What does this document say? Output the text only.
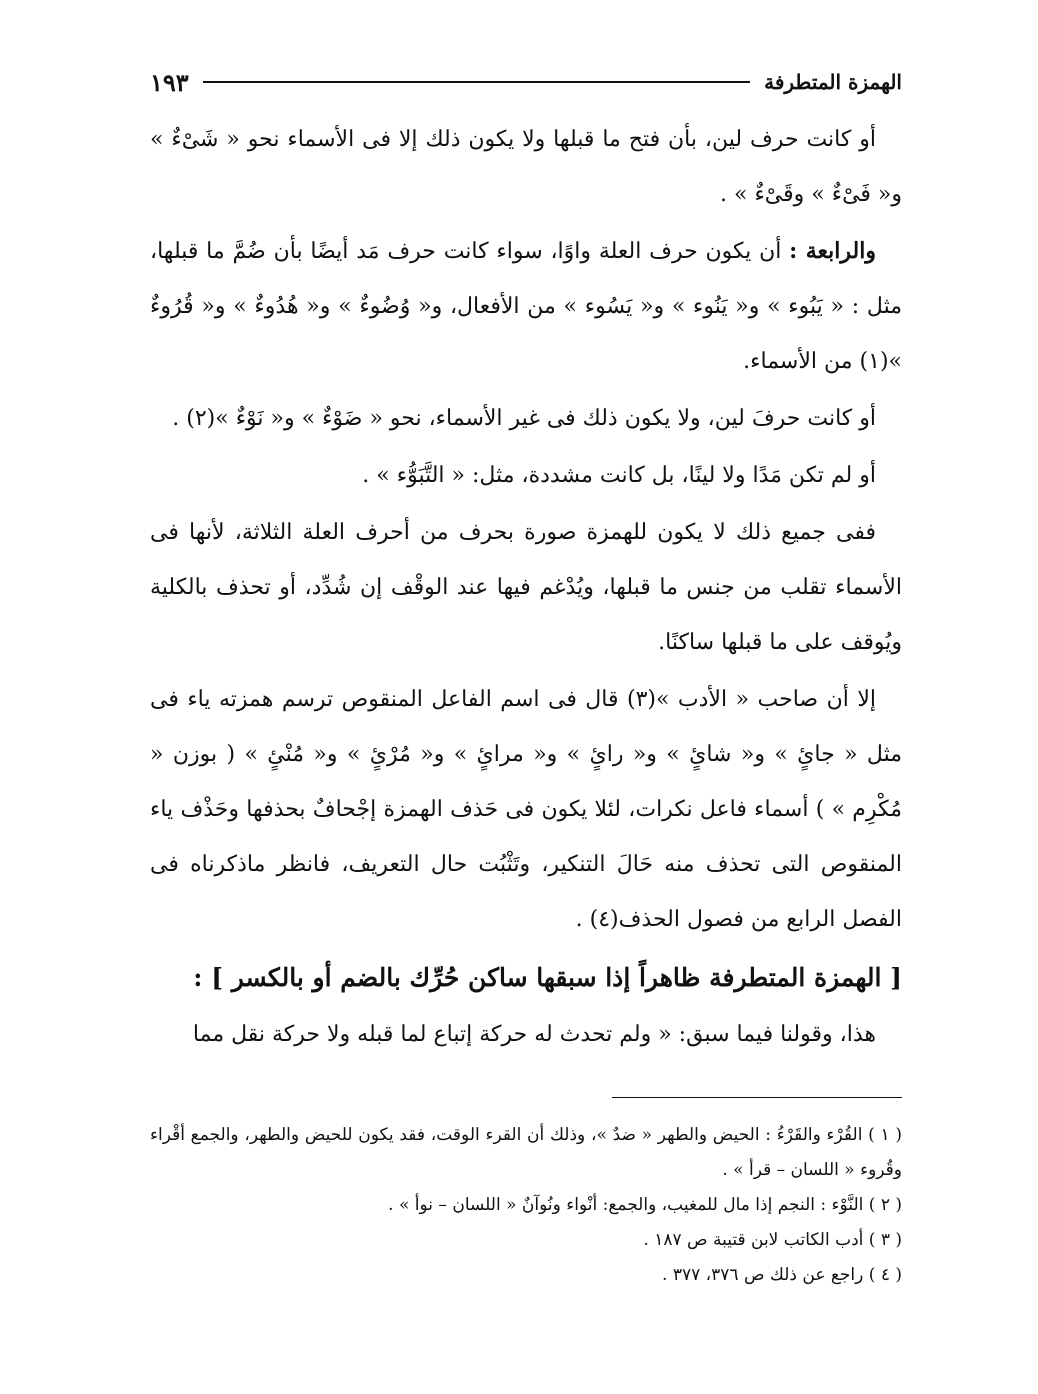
الهمزة المتطرفة
١٩٣

أو كانت حرف لين، بأن فتح ما قبلها ولا يكون ذلك إلا فى الأسماء نحو « شَىْءٌ » و« فَىْءٌ » وقَىْءٌ » .

والرابعة : أن يكون حرف العلة واوًا، سواء كانت حرف مَد أيضًا بأن ضُمَّ ما قبلها، مثل : « يَبُوء » و« يَنُوء » و« يَسُوء » من الأفعال، و« وُضُوءٌ » و« هُدُوءٌ » و« قُرُوءٌ »(١) من الأسماء.

أو كانت حرفَ لين، ولا يكون ذلك فى غير الأسماء، نحو « ضَوْءٌ » و« نَوْءٌ »(٢) .

أو لم تكن مَدًا ولا لينًا، بل كانت مشددة، مثل: « التَّبَوُّء » .

ففى جميع ذلك لا يكون للهمزة صورة بحرف من أحرف العلة الثلاثة، لأنها فى الأسماء تقلب من جنس ما قبلها، ويُدْغم فيها عند الوقْف إن شُدِّد، أو تحذف بالكلية ويُوقف على ما قبلها ساكنًا.

إلا أن صاحب « الأدب »(٣) قال فى اسم الفاعل المنقوص ترسم همزته ياء فى مثل « جائٍ » و« شائٍ » و« رائٍ » و« مرائٍ » و« مُرْئٍ » و« مُنْئٍ » ( بوزن « مُكْرِم » ) أسماء فاعل نكرات، لئلا يكون فى حَذف الهمزة إجْحافٌ بحذفها وحَذْف ياء المنقوص التى تحذف منه حَالَ التنكير، وتَثْبُت حال التعريف، فانظر ماذكرناه فى الفصل الرابع من فصول الحذف(٤) .

[ الهمزة المتطرفة ظاهراً إذا سبقها ساكن حُرِّك بالضم أو بالكسر ] :

هذا، وقولنا فيما سبق: « ولم تحدث له حركة إتباع لما قبله ولا حركة نقل مما

( ١ ) القُرْء والقَرْءُ : الحيض والطهر « ضدٌ »، وذلك أن القرء الوقت، فقد يكون للحيض والطهر، والجمع أقْراء وقُروء « اللسان – قرأ » .

( ٢ ) النَّوْء : النجم إذا مال للمغيب، والجمع: أنْواء ونُوآنٌ « اللسان – نوأ » .

( ٣ ) أدب الكاتب لابن قتيبة ص ١٨٧ .

( ٤ ) راجع عن ذلك ص ٣٧٦، ٣٧٧ .
